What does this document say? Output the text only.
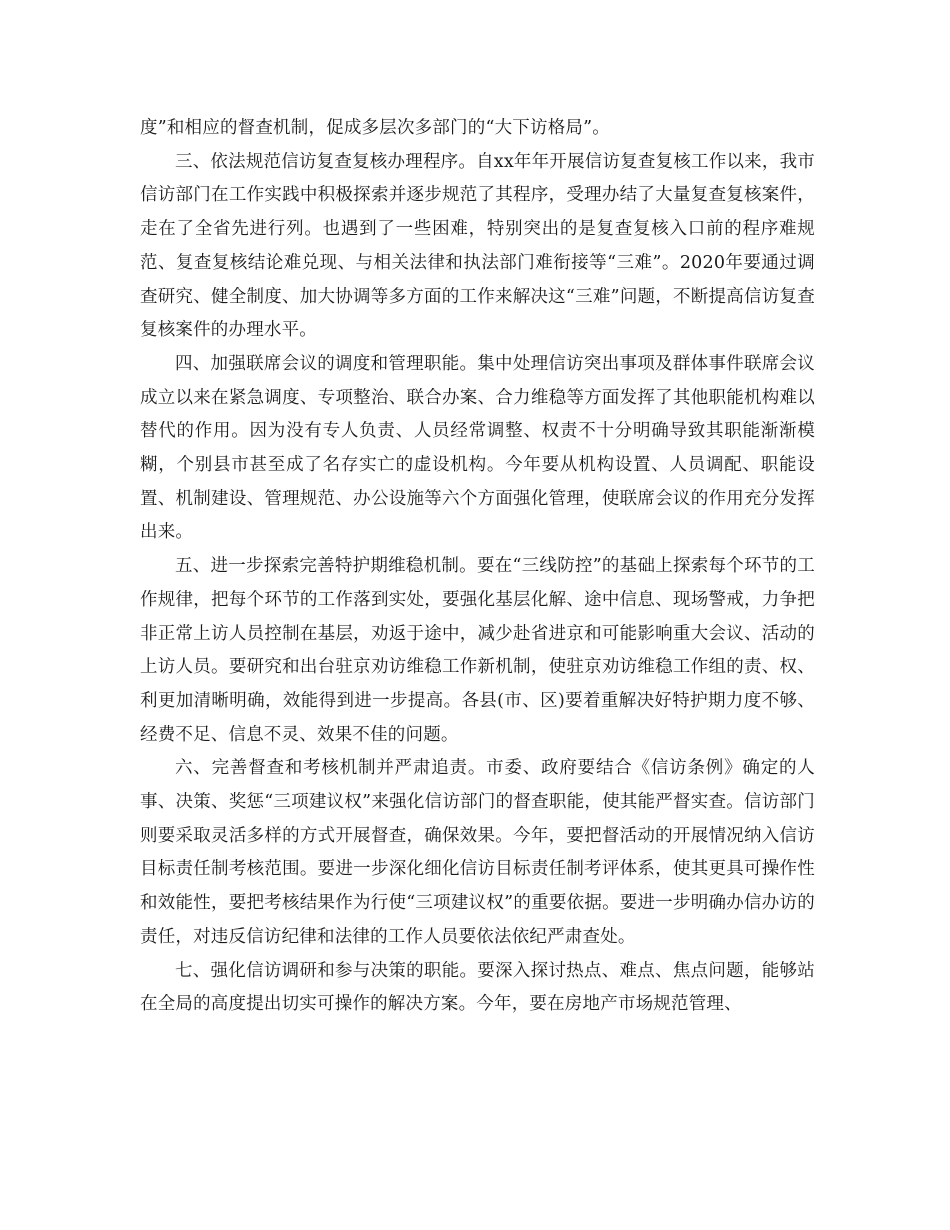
度”和相应的督查机制，促成多层次多部门的“大下访格局”。

三、依法规范信访复查复核办理程序。自xx年年开展信访复查复核工作以来，我市信访部门在工作实践中积极探索并逐步规范了其程序，受理办结了大量复查复核案件，走在了全省先进行列。也遇到了一些困难，特别突出的是复查复核入口前的程序难规范、复查复核结论难兑现、与相关法律和执法部门难衔接等“三难”。2020年要通过调查研究、健全制度、加大协调等多方面的工作来解决这“三难”问题，不断提高信访复查复核案件的办理水平。

四、加强联席会议的调度和管理职能。集中处理信访突出事项及群体事件联席会议成立以来在紧急调度、专项整治、联合办案、合力维稳等方面发挥了其他职能机构难以替代的作用。因为没有专人负责、人员经常调整、权责不十分明确导致其职能渐渐模糊，个别县市甚至成了名存实亡的虚设机构。今年要从机构设置、人员调配、职能设置、机制建设、管理规范、办公设施等六个方面强化管理，使联席会议的作用充分发挥出来。

五、进一步探索完善特护期维稳机制。要在“三线防控”的基础上探索每个环节的工作规律，把每个环节的工作落到实处，要强化基层化解、途中信息、现场警戒，力争把非正常上访人员控制在基层，劝返于途中，减少赴省进京和可能影响重大会议、活动的上访人员。要研究和出台驻京劝访维稳工作新机制，使驻京劝访维稳工作组的责、权、利更加清晰明确，效能得到进一步提高。各县(市、区)要着重解决好特护期力度不够、经费不足、信息不灵、效果不佳的问题。

六、完善督查和考核机制并严肃追责。市委、政府要结合《信访条例》确定的人事、决策、奖惩“三项建议权”来强化信访部门的督查职能，使其能严督实查。信访部门则要采取灵活多样的方式开展督查，确保效果。今年，要把督活动的开展情况纳入信访目标责任制考核范围。要进一步深化细化信访目标责任制考评体系，使其更具可操作性和效能性，要把考核结果作为行使“三项建议权”的重要依据。要进一步明确办信办访的责任，对违反信访纪律和法律的工作人员要依法依纪严肃查处。

七、强化信访调研和参与决策的职能。要深入探讨热点、难点、焦点问题，能够站在全局的高度提出切实可操作的解决方案。今年，要在房地产市场规范管理、
